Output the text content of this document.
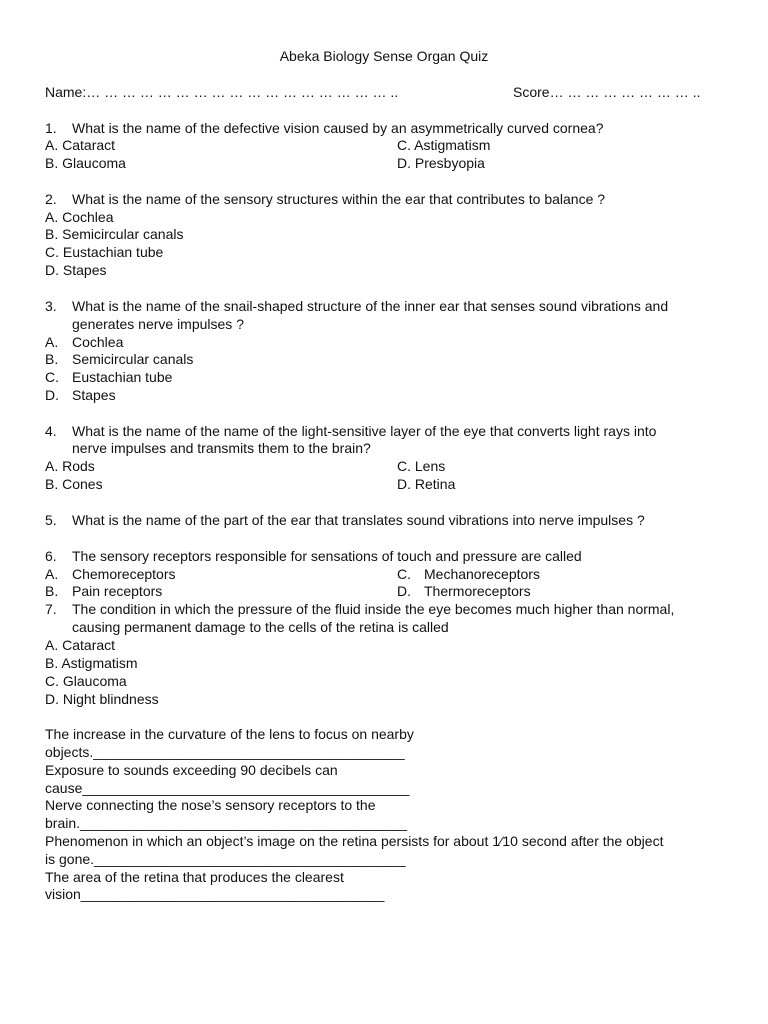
Abeka Biology Sense Organ Quiz
Name:… … … … … … … … … … … … … … … … … ..	Score… … … … … … … … ..
1. What is the name of the defective vision caused by an asymmetrically curved cornea?
A. Cataract	C. Astigmatism
B. Glaucoma	D. Presbyopia
2. What is the name of the sensory structures within the ear that contributes to balance ?
A. Cochlea
B. Semicircular canals
C. Eustachian tube
D. Stapes
3. What is the name of the snail-shaped structure of the inner ear that senses sound vibrations and
generates nerve impulses ?
A. Cochlea
B. Semicircular canals
C. Eustachian tube
D. Stapes
4. What is the name of the name of the light-sensitive layer of the eye that converts light rays into
nerve impulses and transmits them to the brain?
A. Rods	C. Lens
B. Cones	D. Retina
5. What is the name of the part of the ear that translates sound vibrations into nerve impulses ?
6. The sensory receptors responsible for sensations of touch and pressure are called
A. Chemoreceptors	C. Mechanoreceptors
B. Pain receptors	D. Thermoreceptors
7. The condition in which the pressure of the fluid inside the eye becomes much higher than normal,
causing permanent damage to the cells of the retina is called
A. Cataract
B. Astigmatism
C. Glaucoma
D. Night blindness
The increase in the curvature of the lens to focus on nearby
objects.________________________________________
Exposure to sounds exceeding 90 decibels can
cause__________________________________________
Nerve connecting the nose’s sensory receptors to the
brain.__________________________________________
Phenomenon in which an object’s image on the retina persists for about 1⁄10 second after the object
is gone.________________________________________
The area of the retina that produces the clearest
vision_______________________________________
